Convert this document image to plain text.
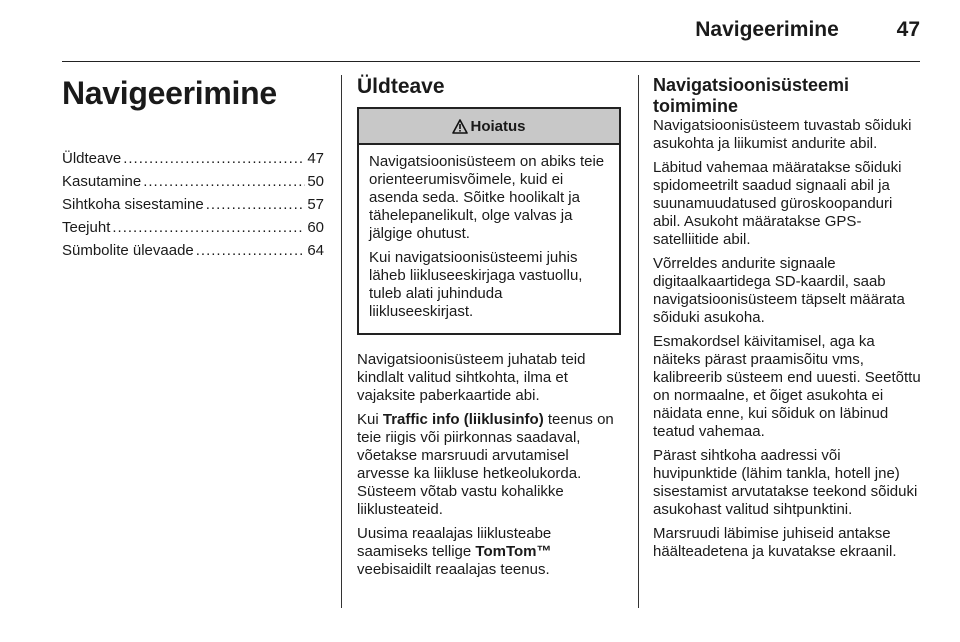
Navigeerimine	47
Navigeerimine
Üldteave .....	47
Kasutamine .....	50
Sihtkoha sisestamine .....	57
Teejuht .....	60
Sümbolite ülevaade .....	64
Üldteave
Hoiatus

Navigatsioonisüsteem on abiks teie orienteerumisvõimele, kuid ei asenda seda. Sõitke hoolikalt ja tähelepanelikult, olge valvas ja jälgige ohutust.

Kui navigatsioonisüsteemi juhis läheb liikluseeskirjaga vastuollu, tuleb alati juhinduda liikluseeskirjast.

Navigatsioonisüsteem juhatab teid kindlalt valitud sihtkohta, ilma et vajaksite paberkaartide abi.

Kui Traffic info (liiklusinfo) teenus on teie riigis või piirkonnas saadaval, võetakse marsruudi arvutamisel arvesse ka liikluse hetkeolukorda. Süsteem võtab vastu kohalikke liiklusteateid.

Uusima reaalajas liiklusteabe saamiseks tellige TomTom™ veebisaidilt reaalajas teenus.

Navigatsioonisüsteemi toimimine

Navigatsioonisüsteem tuvastab sõiduki asukohta ja liikumist andurite abil.

Läbitud vahemaa määratakse sõiduki spidomeetrilt saadud signaali abil ja suunamuudatused güroskoopanduri abil. Asukoht määratakse GPS-satelliitide abil.

Võrreldes andurite signaale digitaalkaartidega SD-kaardil, saab navigatsioonisüsteem täpselt määrata sõiduki asukoha.

Esmakordsel käivitamisel, aga ka näiteks pärast praamisõitu vms, kalibreerib süsteem end uuesti. Seetõttu on normaalne, et õiget asukohta ei näidata enne, kui sõiduk on läbinud teatud vahemaa.

Pärast sihtkoha aadressi või huvipunktide (lähim tankla, hotell jne) sisestamist arvutatakse teekond sõiduki asukohast valitud sihtpunktini.

Marsruudi läbimise juhiseid antakse häälteadetena ja kuvatakse ekraanil.
